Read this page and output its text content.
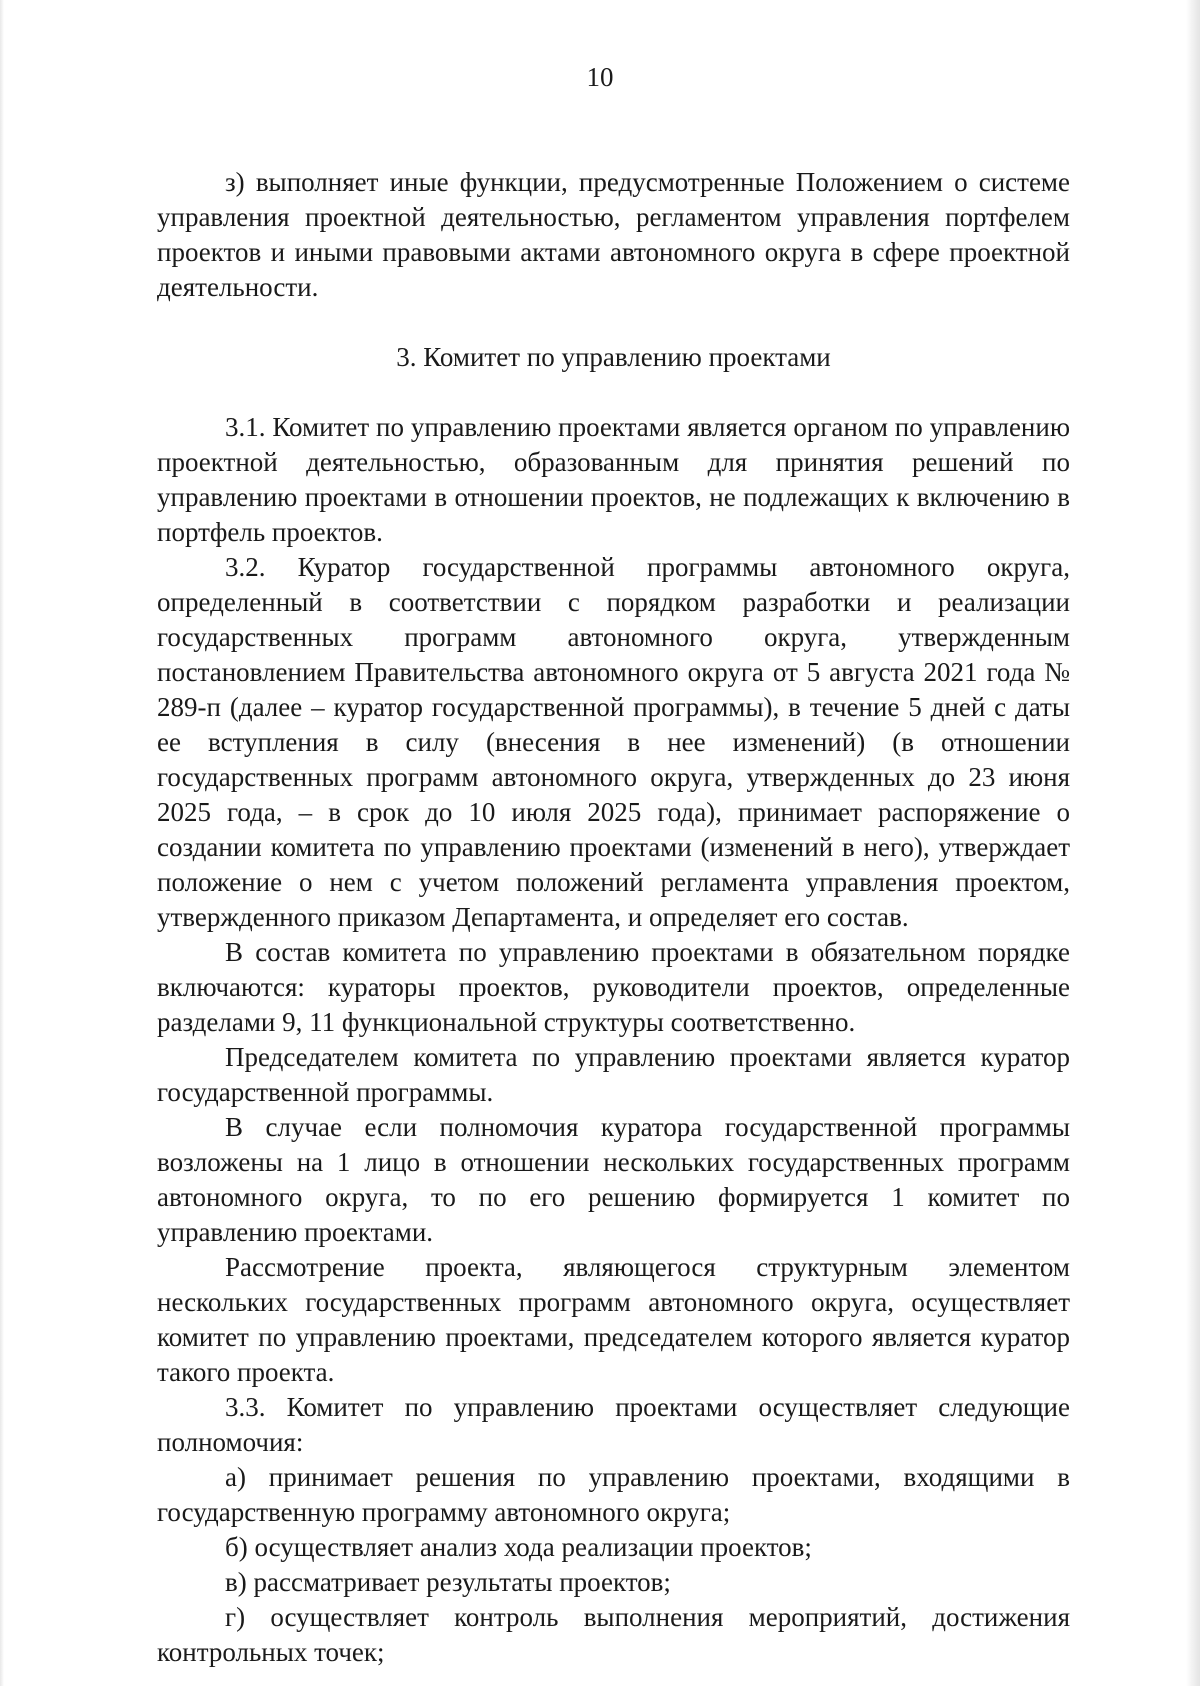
10

з) выполняет иные функции, предусмотренные Положением о системе управления проектной деятельностью, регламентом управления портфелем проектов и иными правовыми актами автономного округа в сфере проектной деятельности.

3. Комитет по управлению проектами

3.1. Комитет по управлению проектами является органом по управлению проектной деятельностью, образованным для принятия решений по управлению проектами в отношении проектов, не подлежащих к включению в портфель проектов.

3.2. Куратор государственной программы автономного округа, определенный в соответствии с порядком разработки и реализации государственных программ автономного округа, утвержденным постановлением Правительства автономного округа от 5 августа 2021 года № 289-п (далее – куратор государственной программы), в течение 5 дней с даты ее вступления в силу (внесения в нее изменений) (в отношении государственных программ автономного округа, утвержденных до 23 июня 2025 года, – в срок до 10 июля 2025 года), принимает распоряжение о создании комитета по управлению проектами (изменений в него), утверждает положение о нем с учетом положений регламента управления проектом, утвержденного приказом Департамента, и определяет его состав.

В состав комитета по управлению проектами в обязательном порядке включаются: кураторы проектов, руководители проектов, определенные разделами 9, 11 функциональной структуры соответственно.

Председателем комитета по управлению проектами является куратор государственной программы.

В случае если полномочия куратора государственной программы возложены на 1 лицо в отношении нескольких государственных программ автономного округа, то по его решению формируется 1 комитет по управлению проектами.

Рассмотрение проекта, являющегося структурным элементом нескольких государственных программ автономного округа, осуществляет комитет по управлению проектами, председателем которого является куратор такого проекта.

3.3. Комитет по управлению проектами осуществляет следующие полномочия:

а) принимает решения по управлению проектами, входящими в государственную программу автономного округа;

б) осуществляет анализ хода реализации проектов;

в) рассматривает результаты проектов;

г) осуществляет контроль выполнения мероприятий, достижения контрольных точек;
